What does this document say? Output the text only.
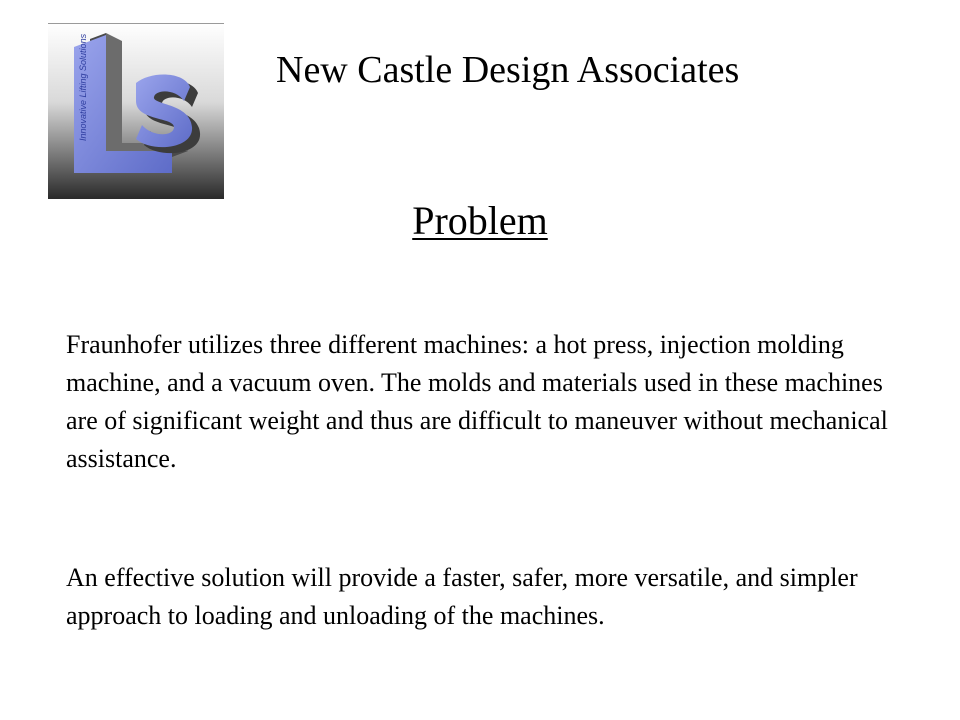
Innovative Lifting Solutions	New Castle Design Associates
Problem

Fraunhofer utilizes three different machines: a hot press, injection molding machine, and a vacuum oven. The molds and materials used in these machines are of significant weight and thus are difficult to maneuver without mechanical assistance.

An effective solution will provide a faster, safer, more versatile, and simpler approach to loading and unloading of the machines.
